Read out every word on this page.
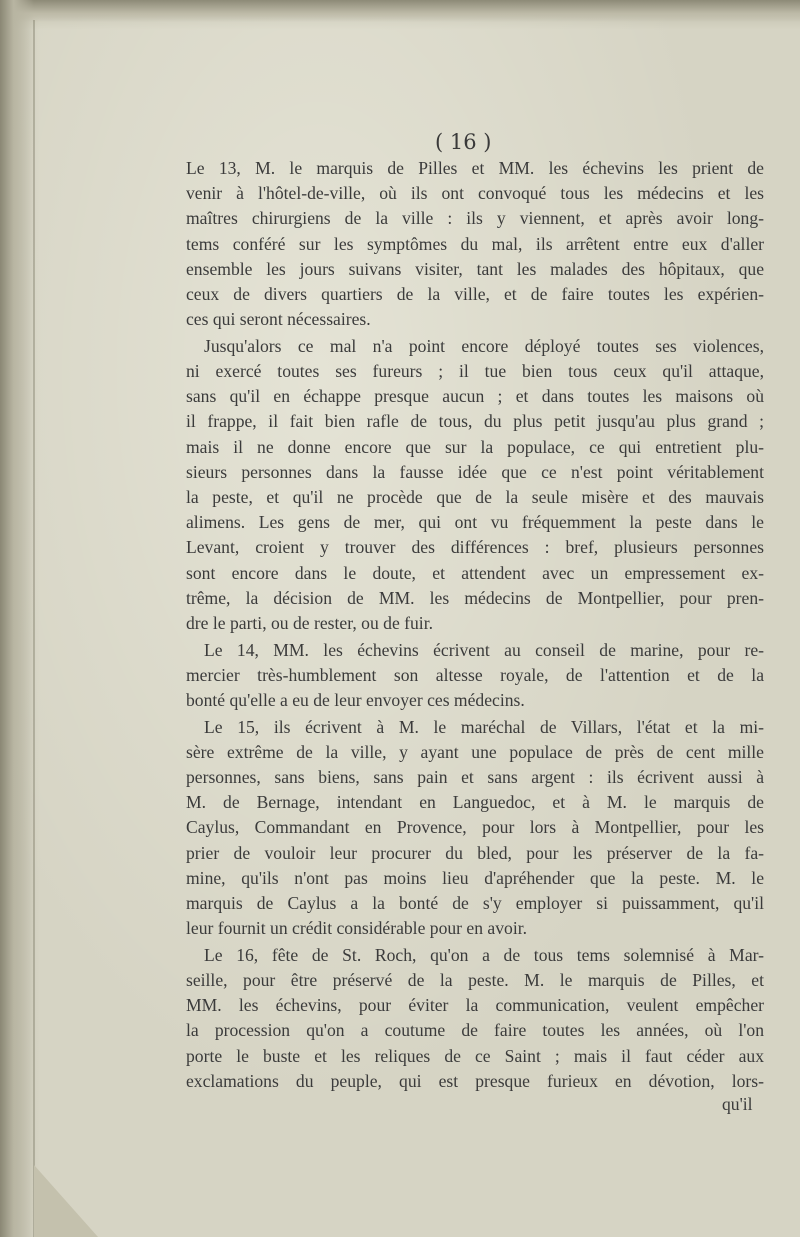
( 16 )
Le 13, M. le marquis de Pilles et MM. les échevins les prient de
venir à l'hôtel-de-ville, où ils ont convoqué tous les médecins et les
maîtres chirurgiens de la ville : ils y viennent, et après avoir long-
tems conféré sur les symptômes du mal, ils arrêtent entre eux d'aller
ensemble les jours suivans visiter, tant les malades des hôpitaux, que
ceux de divers quartiers de la ville, et de faire toutes les expérien-
ces qui seront nécessaires.
Jusqu'alors ce mal n'a point encore déployé toutes ses violences,
ni exercé toutes ses fureurs ; il tue bien tous ceux qu'il attaque,
sans qu'il en échappe presque aucun ; et dans toutes les maisons où
il frappe, il fait bien rafle de tous, du plus petit jusqu'au plus grand ;
mais il ne donne encore que sur la populace, ce qui entretient plu-
sieurs personnes dans la fausse idée que ce n'est point véritablement
la peste, et qu'il ne procède que de la seule misère et des mauvais
alimens. Les gens de mer, qui ont vu fréquemment la peste dans le
Levant, croient y trouver des différences : bref, plusieurs personnes
sont encore dans le doute, et attendent avec un empressement ex-
trême, la décision de MM. les médecins de Montpellier, pour pren-
dre le parti, ou de rester, ou de fuir.
Le 14, MM. les échevins écrivent au conseil de marine, pour re-
mercier très-humblement son altesse royale, de l'attention et de la
bonté qu'elle a eu de leur envoyer ces médecins.
Le 15, ils écrivent à M. le maréchal de Villars, l'état et la mi-
sère extrême de la ville, y ayant une populace de près de cent mille
personnes, sans biens, sans pain et sans argent : ils écrivent aussi à
M. de Bernage, intendant en Languedoc, et à M. le marquis de
Caylus, Commandant en Provence, pour lors à Montpellier, pour les
prier de vouloir leur procurer du bled, pour les préserver de la fa-
mine, qu'ils n'ont pas moins lieu d'apréhender que la peste. M. le
marquis de Caylus a la bonté de s'y employer si puissamment, qu'il
leur fournit un crédit considérable pour en avoir.
Le 16, fête de St. Roch, qu'on a de tous tems solemnisé à Mar-
seille, pour être préservé de la peste. M. le marquis de Pilles, et
MM. les échevins, pour éviter la communication, veulent empêcher
la procession qu'on a coutume de faire toutes les années, où l'on
porte le buste et les reliques de ce Saint ; mais il faut céder aux
exclamations du peuple, qui est presque furieux en dévotion, lors-
qu'il
